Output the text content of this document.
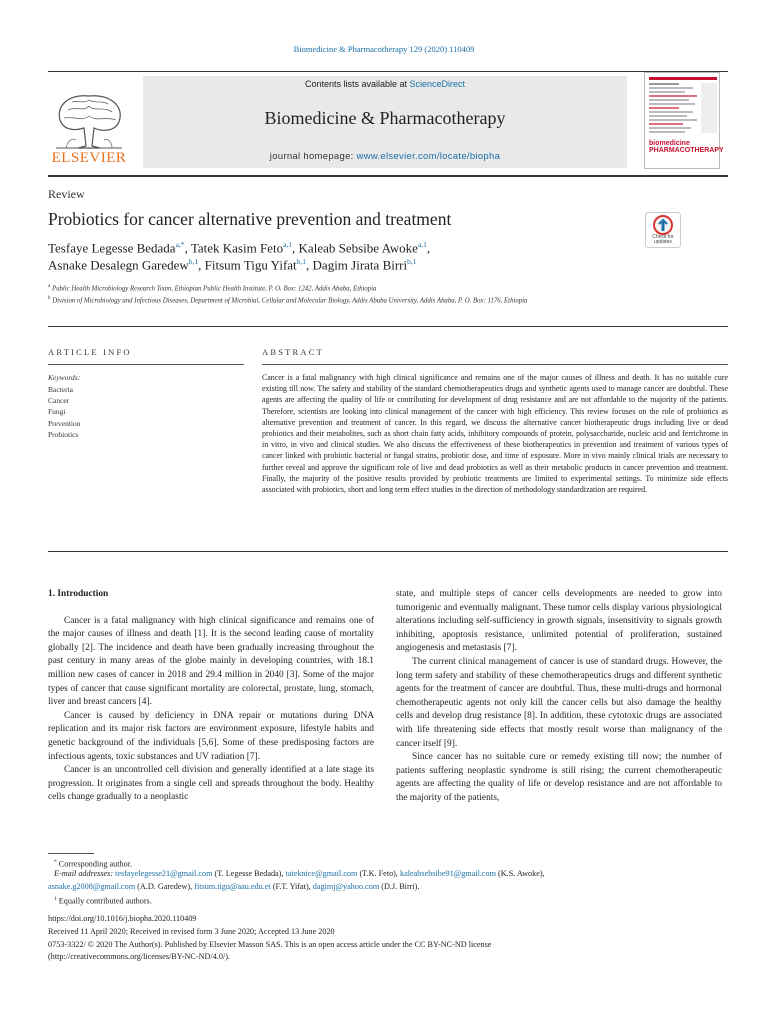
Biomedicine & Pharmacotherapy 129 (2020) 110409
ELSEVIER
Contents lists available at ScienceDirect
Biomedicine & Pharmacotherapy
journal homepage: www.elsevier.com/locate/biopha
biomedicine
PHARMACOTHERAPY
Review
Probiotics for cancer alternative prevention and treatment
Check for updates
Tesfaye Legesse Bedada$^{a,*}$, Tatek Kasim Feto$^{a,1}$, Kaleab Sebsibe Awoke$^{a,1}$,
Asnake Desalegn Garedew$^{b,1}$, Fitsum Tigu Yifat$^{b,1}$, Dagim Jirata Birri$^{b,1}$
$^a$ Public Health Microbiology Research Team, Ethiopian Public Health Institute, P. O. Box: 1242, Addis Ababa, Ethiopia
$^b$ Division of Microbiology and Infectious Diseases, Department of Microbial, Cellular and Molecular Biology, Addis Ababa University, Addis Ababa, P. O. Box: 1176, Ethiopia
ARTICLE INFO	ABSTRACT
Keywords:
Bacteria
Cancer
Fungi
Prevention
Probiotics
Cancer is a fatal malignancy with high clinical significance and remains one of the major causes of illness and death. It has no suitable cure existing till now. The safety and stability of the standard chemotherapeutics drugs and synthetic agents used to manage cancer are doubtful. These agents are affecting the quality of life or contributing for development of drug resistance and are not affordable to the majority of the patients. Therefore, scientists are looking into clinical management of the cancer with high efficiency. This review focuses on the role of probiotics as alternative prevention and treatment of cancer. In this regard, we discuss the alternative cancer biotherapeutic drugs including live or dead probiotics and their metabolites, such as short chain fatty acids, inhibitory compounds of protein, polysaccharide, nucleic acid and ferrichrome in in vitro, in vivo and clinical studies. We also discuss the effectiveness of these biotherapeutics in prevention and treatment of various types of cancer linked with probiotic bacterial or fungal strains, probiotic dose, and time of exposure. More in vivo mainly clinical trials are necessary to further reveal and approve the significant role of live and dead probiotics as well as their metabolic products in cancer prevention and treatment. Finally, the majority of the positive results provided by probiotic treatments are limited to experimental settings. To minimize side effects associated with probiotics, short and long term effect studies in the direction of methodology standardization are required.
1. Introduction

Cancer is a fatal malignancy with high clinical significance and remains one of the major causes of illness and death [1]. It is the second leading cause of mortality globally [2]. The incidence and death have been gradually increasing throughout the past century in many areas of the globe mainly in developing countries, with 18.1 million new cases of cancer in 2018 and 29.4 million in 2040 [3]. Some of the major types of cancer that cause significant mortality are colorectal, prostate, lung, stomach, liver and breast cancers [4].

Cancer is caused by deficiency in DNA repair or mutations during DNA replication and its major risk factors are environment exposure, lifestyle habits and genetic background of the individuals [5,6]. Some of these predisposing factors are infectious agents, toxic substances and UV radiation [7].

Cancer is an uncontrolled cell division and generally identified at a late stage its progression. It originates from a single cell and spreads throughout the body. Healthy cells change gradually to a neoplastic

state, and multiple steps of cancer cells developments are needed to grow into tumorigenic and eventually malignant. These tumor cells display various physiological alterations including self-sufficiency in growth signals, insensitivity to signals growth inhibiting, apoptosis resistance, unlimited potential of proliferation, sustained angiogenesis and metastasis [7].

The current clinical management of cancer is use of standard drugs. However, the long term safety and stability of these chemotherapeutics drugs and different synthetic agents for the treatment of cancer are doubtful. Thus, these multi-drugs and hormonal chemotherapeutic agents not only kill the cancer cells but also damage the healthy cells and develop drug resistance [8]. In addition, these cytotoxic drugs are associated with life threatening side effects that mostly result worse than malignancy of the cancer itself [9].

Since cancer has no suitable cure or remedy existing till now; the number of patients suffering neoplastic syndrome is still rising; the current chemotherapeutic agents are affecting the quality of life or develop resistance and are not affordable to the majority of the patients,

* Corresponding author.
E-mail addresses: tesfayelegesse21@gmail.com (T. Legesse Bedada), tateknice@gmail.com (T.K. Feto), kaleabsebsibe91@gmail.com (K.S. Awoke),
asnake.g2008@gmail.com (A.D. Garedew), fitsum.tigu@aau.edu.et (F.T. Yifat), dagimj@yahoo.com (D.J. Birri).
$^1$ Equally contributed authors.
https://doi.org/10.1016/j.biopha.2020.110409
Received 11 April 2020; Received in revised form 3 June 2020; Accepted 13 June 2020
0753-3322/ © 2020 The Author(s). Published by Elsevier Masson SAS. This is an open access article under the CC BY-NC-ND license
(http://creativecommons.org/licenses/BY-NC-ND/4.0/).
